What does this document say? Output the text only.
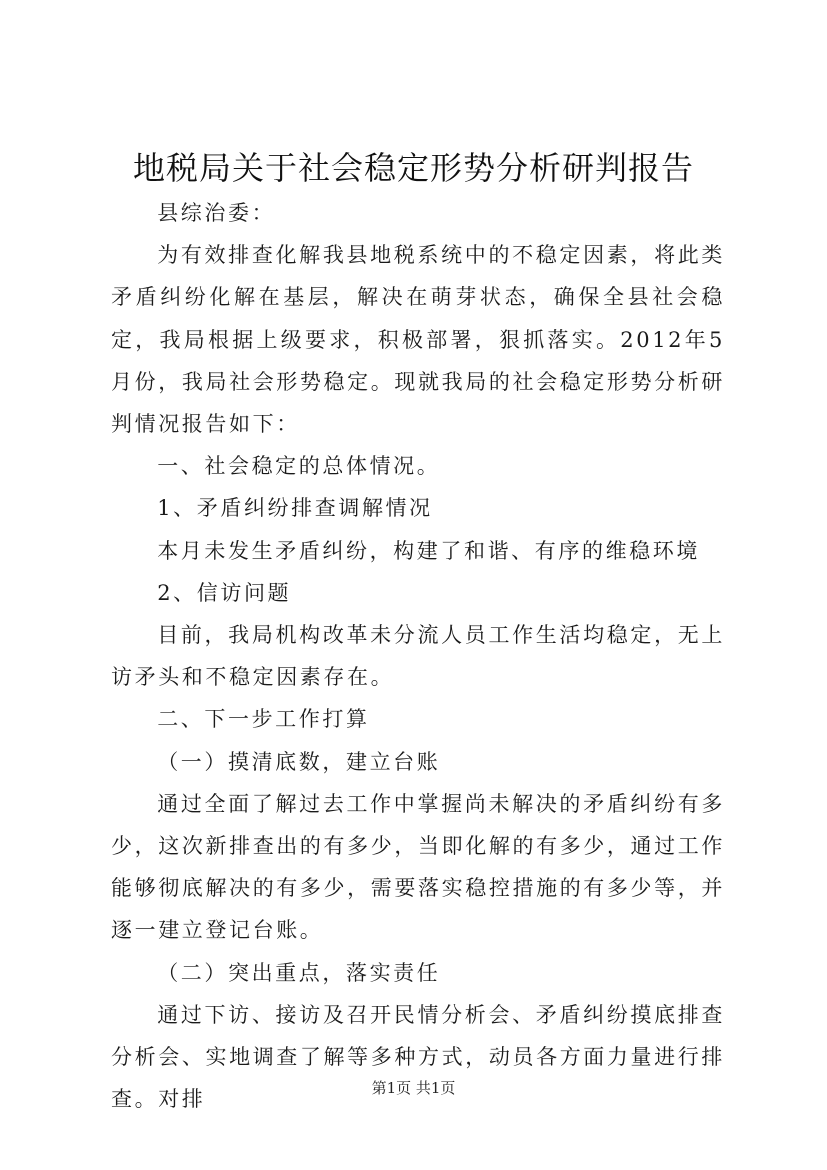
地税局关于社会稳定形势分析研判报告

县综治委：

为有效排查化解我县地税系统中的不稳定因素，将此类矛盾纠纷化解在基层，解决在萌芽状态，确保全县社会稳定，我局根据上级要求，积极部署，狠抓落实。2012年5月份，我局社会形势稳定。现就我局的社会稳定形势分析研判情况报告如下：

一、社会稳定的总体情况。

1、矛盾纠纷排查调解情况

本月未发生矛盾纠纷，构建了和谐、有序的维稳环境

2、信访问题

目前，我局机构改革未分流人员工作生活均稳定，无上访矛头和不稳定因素存在。

二、下一步工作打算

（一）摸清底数，建立台账

通过全面了解过去工作中掌握尚未解决的矛盾纠纷有多少，这次新排查出的有多少，当即化解的有多少，通过工作能够彻底解决的有多少，需要落实稳控措施的有多少等，并逐一建立登记台账。

（二）突出重点，落实责任

通过下访、接访及召开民情分析会、矛盾纠纷摸底排查分析会、实地调查了解等多种方式，动员各方面力量进行排查。对排	第1页 共1页
